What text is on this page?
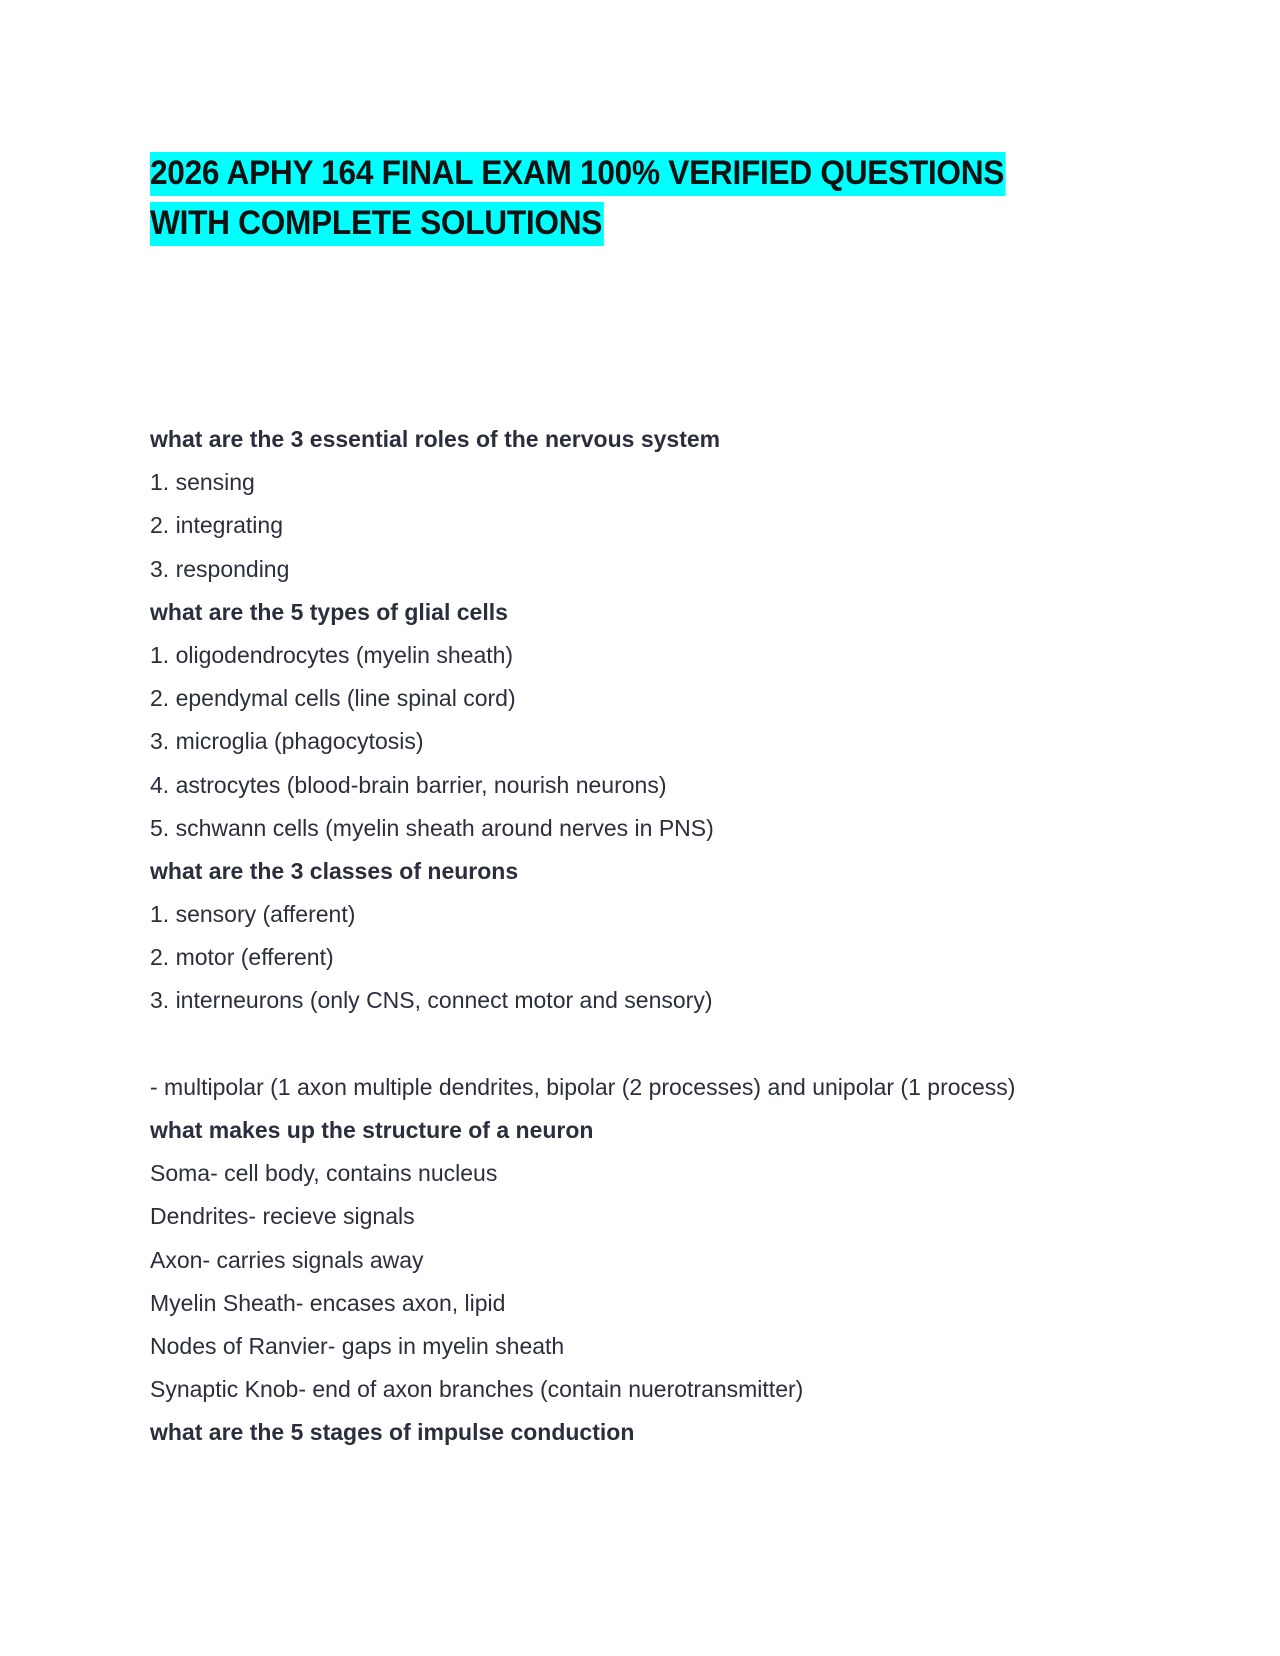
2026 APHY 164 FINAL EXAM 100% VERIFIED QUESTIONS
WITH COMPLETE SOLUTIONS

what are the 3 essential roles of the nervous system

1. sensing

2. integrating

3. responding

what are the 5 types of glial cells

1. oligodendrocytes (myelin sheath)

2. ependymal cells (line spinal cord)

3. microglia (phagocytosis)

4. astrocytes (blood-brain barrier, nourish neurons)

5. schwann cells (myelin sheath around nerves in PNS)

what are the 3 classes of neurons

1. sensory (afferent)

2. motor (efferent)

3. interneurons (only CNS, connect motor and sensory)

- multipolar (1 axon multiple dendrites, bipolar (2 processes) and unipolar (1 process)

what makes up the structure of a neuron

Soma- cell body, contains nucleus

Dendrites- recieve signals

Axon- carries signals away

Myelin Sheath- encases axon, lipid

Nodes of Ranvier- gaps in myelin sheath

Synaptic Knob- end of axon branches (contain nuerotransmitter)

what are the 5 stages of impulse conduction
